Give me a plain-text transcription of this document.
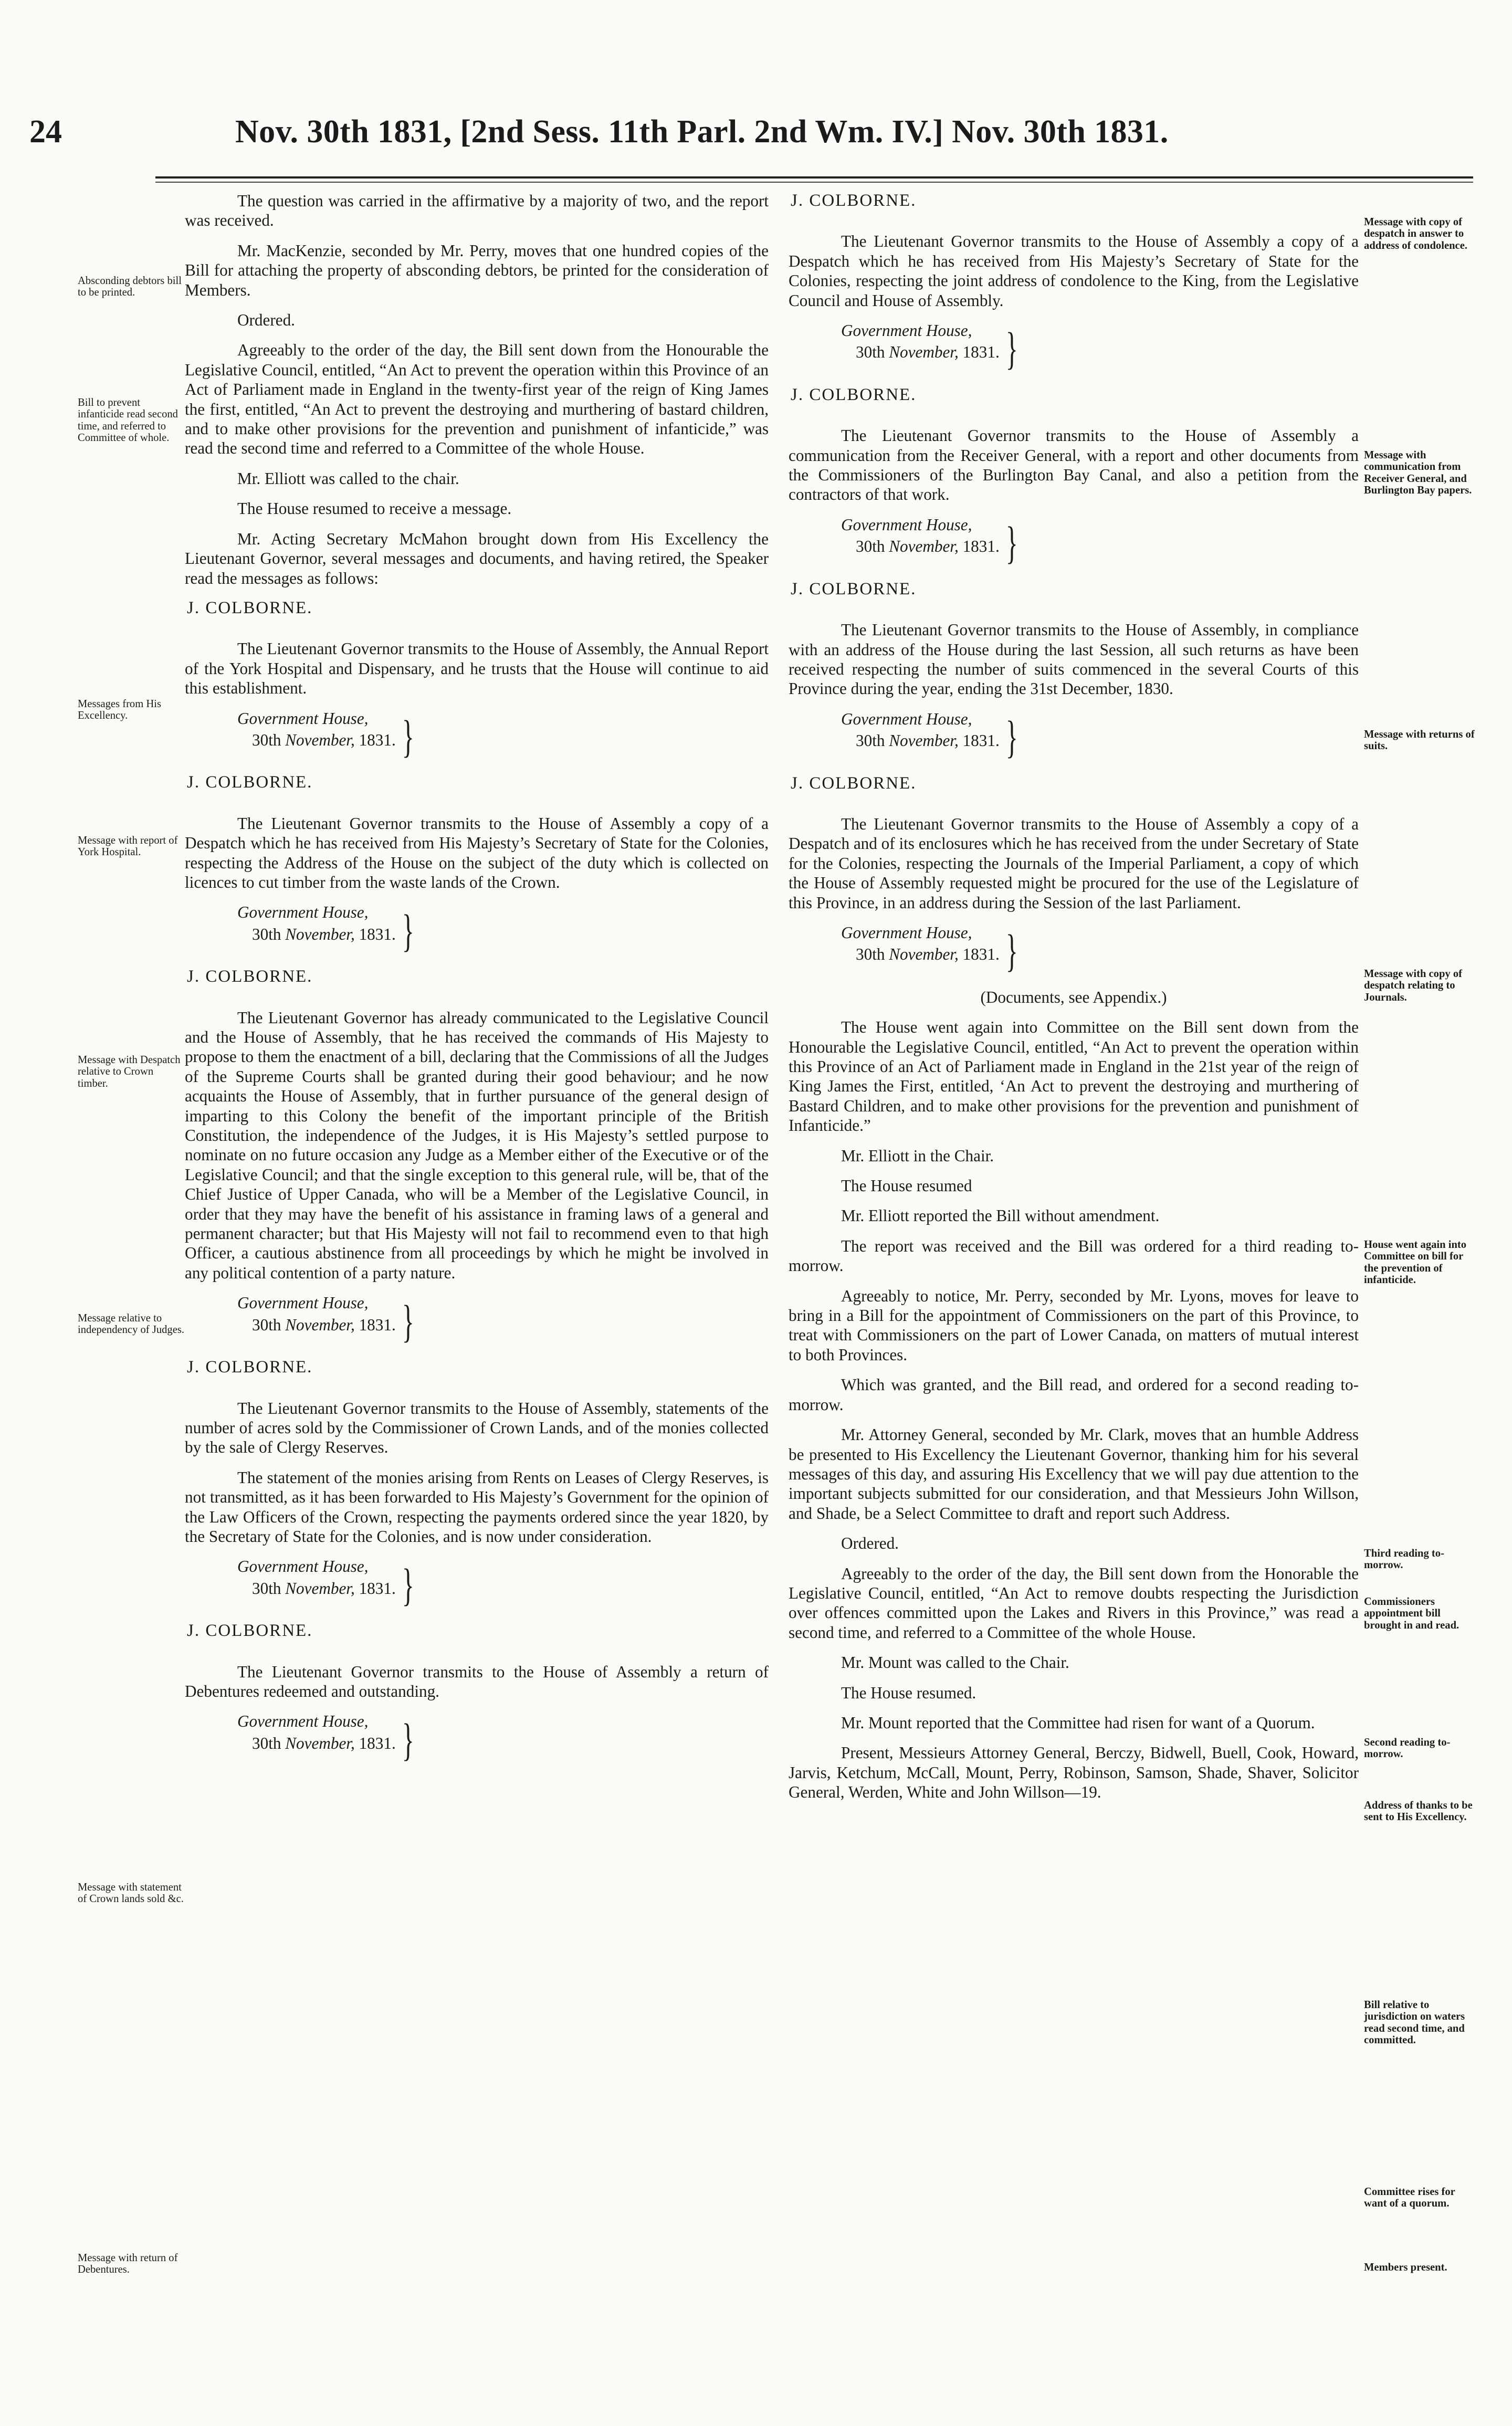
24	Nov. 30th 1831, [2nd Sess. 11th Parl. 2nd Wm. IV.] Nov. 30th 1831.
Absconding debtors bill to be printed.
Bill to prevent infanticide read second time, and referred to Committee of whole.
Messages from His Excellency.
Message with report of York Hospital.
Message with Despatch relative to Crown timber.
Message relative to independency of Judges.
Message with statement of Crown lands sold &c.
Message with return of Debentures.
Message with copy of despatch in answer to address of condolence.
Message with communication from Receiver General, and Burlington Bay papers.
Message with returns of suits.
Message with copy of despatch relating to Journals.
House went again into Committee on bill for the prevention of infanticide.
Third reading to-morrow.
Commissioners appointment bill brought in and read.
Second reading to-morrow.
Address of thanks to be sent to His Excellency.
Bill relative to jurisdiction on waters read second time, and committed.
Committee rises for want of a quorum.
Members present.

The question was carried in the affirmative by a majority of two, and the report was received.

Mr. MacKenzie, seconded by Mr. Perry, moves that one hundred copies of the Bill for attaching the property of absconding debtors, be printed for the consideration of Members.

Ordered.

Agreeably to the order of the day, the Bill sent down from the Honourable the Legislative Council, entitled, “An Act to prevent the operation within this Province of an Act of Parliament made in England in the twenty-first year of the reign of King James the first, entitled, “An Act to prevent the destroying and murthering of bastard children, and to make other provisions for the prevention and punishment of infanticide,” was read the second time and referred to a Committee of the whole House.

Mr. Elliott was called to the chair.

The House resumed to receive a message.

Mr. Acting Secretary McMahon brought down from His Excellency the Lieutenant Governor, several messages and documents, and having retired, the Speaker read the messages as follows:

J. COLBORNE.

The Lieutenant Governor transmits to the House of Assembly, the Annual Report of the York Hospital and Dispensary, and he trusts that the House will continue to aid this establishment.

Government House,
30th November, 1831. }
J. COLBORNE.

The Lieutenant Governor transmits to the House of Assembly a copy of a Despatch which he has received from His Majesty’s Secretary of State for the Colonies, respecting the Address of the House on the subject of the duty which is collected on licences to cut timber from the waste lands of the Crown.

Government House,
30th November, 1831. }
J. COLBORNE.

The Lieutenant Governor has already communicated to the Legislative Council and the House of Assembly, that he has received the commands of His Majesty to propose to them the enactment of a bill, declaring that the Commissions of all the Judges of the Supreme Courts shall be granted during their good behaviour; and he now acquaints the House of Assembly, that in further pursuance of the general design of imparting to this Colony the benefit of the important principle of the British Constitution, the independence of the Judges, it is His Majesty’s settled purpose to nominate on no future occasion any Judge as a Member either of the Executive or of the Legislative Council; and that the single exception to this general rule, will be, that of the Chief Justice of Upper Canada, who will be a Member of the Legislative Council, in order that they may have the benefit of his assistance in framing laws of a general and permanent character; but that His Majesty will not fail to recommend even to that high Officer, a cautious abstinence from all proceedings by which he might be involved in any political contention of a party nature.

Government House,
30th November, 1831. }
J. COLBORNE.

The Lieutenant Governor transmits to the House of Assembly, statements of the number of acres sold by the Commissioner of Crown Lands, and of the monies collected by the sale of Clergy Reserves.

The statement of the monies arising from Rents on Leases of Clergy Reserves, is not transmitted, as it has been forwarded to His Majesty’s Government for the opinion of the Law Officers of the Crown, respecting the payments ordered since the year 1820, by the Secretary of State for the Colonies, and is now under consideration.

Government House,
30th November, 1831. }
J. COLBORNE.

The Lieutenant Governor transmits to the House of Assembly a return of Debentures redeemed and outstanding.

Government House,
30th November, 1831. }
J. COLBORNE.

The Lieutenant Governor transmits to the House of Assembly a copy of a Despatch which he has received from His Majesty’s Secretary of State for the Colonies, respecting the joint address of condolence to the King, from the Legislative Council and House of Assembly.

Government House,
30th November, 1831. }
J. COLBORNE.

The Lieutenant Governor transmits to the House of Assembly a communication from the Receiver General, with a report and other documents from the Commissioners of the Burlington Bay Canal, and also a petition from the contractors of that work.

Government House,
30th November, 1831. }
J. COLBORNE.

The Lieutenant Governor transmits to the House of Assembly, in compliance with an address of the House during the last Session, all such returns as have been received respecting the number of suits commenced in the several Courts of this Province during the year, ending the 31st December, 1830.

Government House,
30th November, 1831. }
J. COLBORNE.

The Lieutenant Governor transmits to the House of Assembly a copy of a Despatch and of its enclosures which he has received from the under Secretary of State for the Colonies, respecting the Journals of the Imperial Parliament, a copy of which the House of Assembly requested might be procured for the use of the Legislature of this Province, in an address during the Session of the last Parliament.

Government House,
30th November, 1831. }
(Documents, see Appendix.)

The House went again into Committee on the Bill sent down from the Honourable the Legislative Council, entitled, “An Act to prevent the operation within this Province of an Act of Parliament made in England in the 21st year of the reign of King James the First, entitled, ‘An Act to prevent the destroying and murthering of Bastard Children, and to make other provisions for the prevention and punishment of Infanticide.”

Mr. Elliott in the Chair.

The House resumed

Mr. Elliott reported the Bill without amendment.

The report was received and the Bill was ordered for a third reading to-morrow.

Agreeably to notice, Mr. Perry, seconded by Mr. Lyons, moves for leave to bring in a Bill for the appointment of Commissioners on the part of this Province, to treat with Commissioners on the part of Lower Canada, on matters of mutual interest to both Provinces.

Which was granted, and the Bill read, and ordered for a second reading to-morrow.

Mr. Attorney General, seconded by Mr. Clark, moves that an humble Address be presented to His Excellency the Lieutenant Governor, thanking him for his several messages of this day, and assuring His Excellency that we will pay due attention to the important subjects submitted for our consideration, and that Messieurs John Willson, and Shade, be a Select Committee to draft and report such Address.

Ordered.

Agreeably to the order of the day, the Bill sent down from the Honorable the Legislative Council, entitled, “An Act to remove doubts respecting the Jurisdiction over offences committed upon the Lakes and Rivers in this Province,” was read a second time, and referred to a Committee of the whole House.

Mr. Mount was called to the Chair.

The House resumed.

Mr. Mount reported that the Committee had risen for want of a Quorum.

Present, Messieurs Attorney General, Berczy, Bidwell, Buell, Cook, Howard, Jarvis, Ketchum, McCall, Mount, Perry, Robinson, Samson, Shade, Shaver, Solicitor General, Werden, White and John Willson—19.
